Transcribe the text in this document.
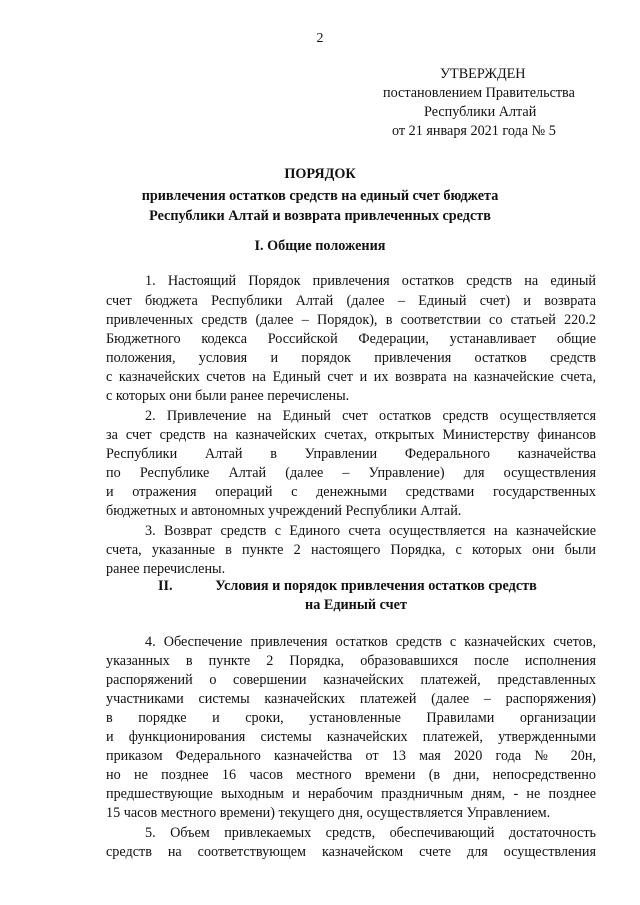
2
УТВЕРЖДЕН
постановлением Правительства
Республики Алтай
от 21 января 2021 года № 5
ПОРЯДОК
привлечения остатков средств на единый счет бюджета
Республики Алтай и возврата привлеченных средств
I. Общие положения
1. Настоящий Порядок привлечения остатков средств на единый
счет бюджета Республики Алтай (далее – Единый счет) и возврата
привлеченных средств (далее – Порядок), в соответствии со статьей 220.2
Бюджетного кодекса Российской Федерации, устанавливает общие
положения, условия и порядок привлечения остатков средств
с казначейских счетов на Единый счет и их возврата на казначейские счета,
с которых они были ранее перечислены.
2. Привлечение на Единый счет остатков средств осуществляется
за счет средств на казначейских счетах, открытых Министерству финансов
Республики Алтай в Управлении Федерального казначейства
по Республике Алтай (далее – Управление) для осуществления
и отражения операций с денежными средствами государственных
бюджетных и автономных учреждений Республики Алтай.
3. Возврат средств с Единого счета осуществляется на казначейские
счета, указанные в пункте 2 настоящего Порядка, с которых они были
ранее перечислены.
II.	Условия и порядок привлечения остатков средств
на Единый счет
4. Обеспечение привлечения остатков средств с казначейских счетов,
указанных в пункте 2 Порядка, образовавшихся после исполнения
распоряжений о совершении казначейских платежей, представленных
участниками системы казначейских платежей (далее – распоряжения)
в порядке и сроки, установленные Правилами организации
и функционирования системы казначейских платежей, утвержденными
приказом Федерального казначейства от 13 мая 2020 года № 20н,
но не позднее 16 часов местного времени (в дни, непосредственно
предшествующие выходным и нерабочим праздничным дням, - не позднее
15 часов местного времени) текущего дня, осуществляется Управлением.
5. Объем привлекаемых средств, обеспечивающий достаточность
средств на соответствующем казначейском счете для осуществления
